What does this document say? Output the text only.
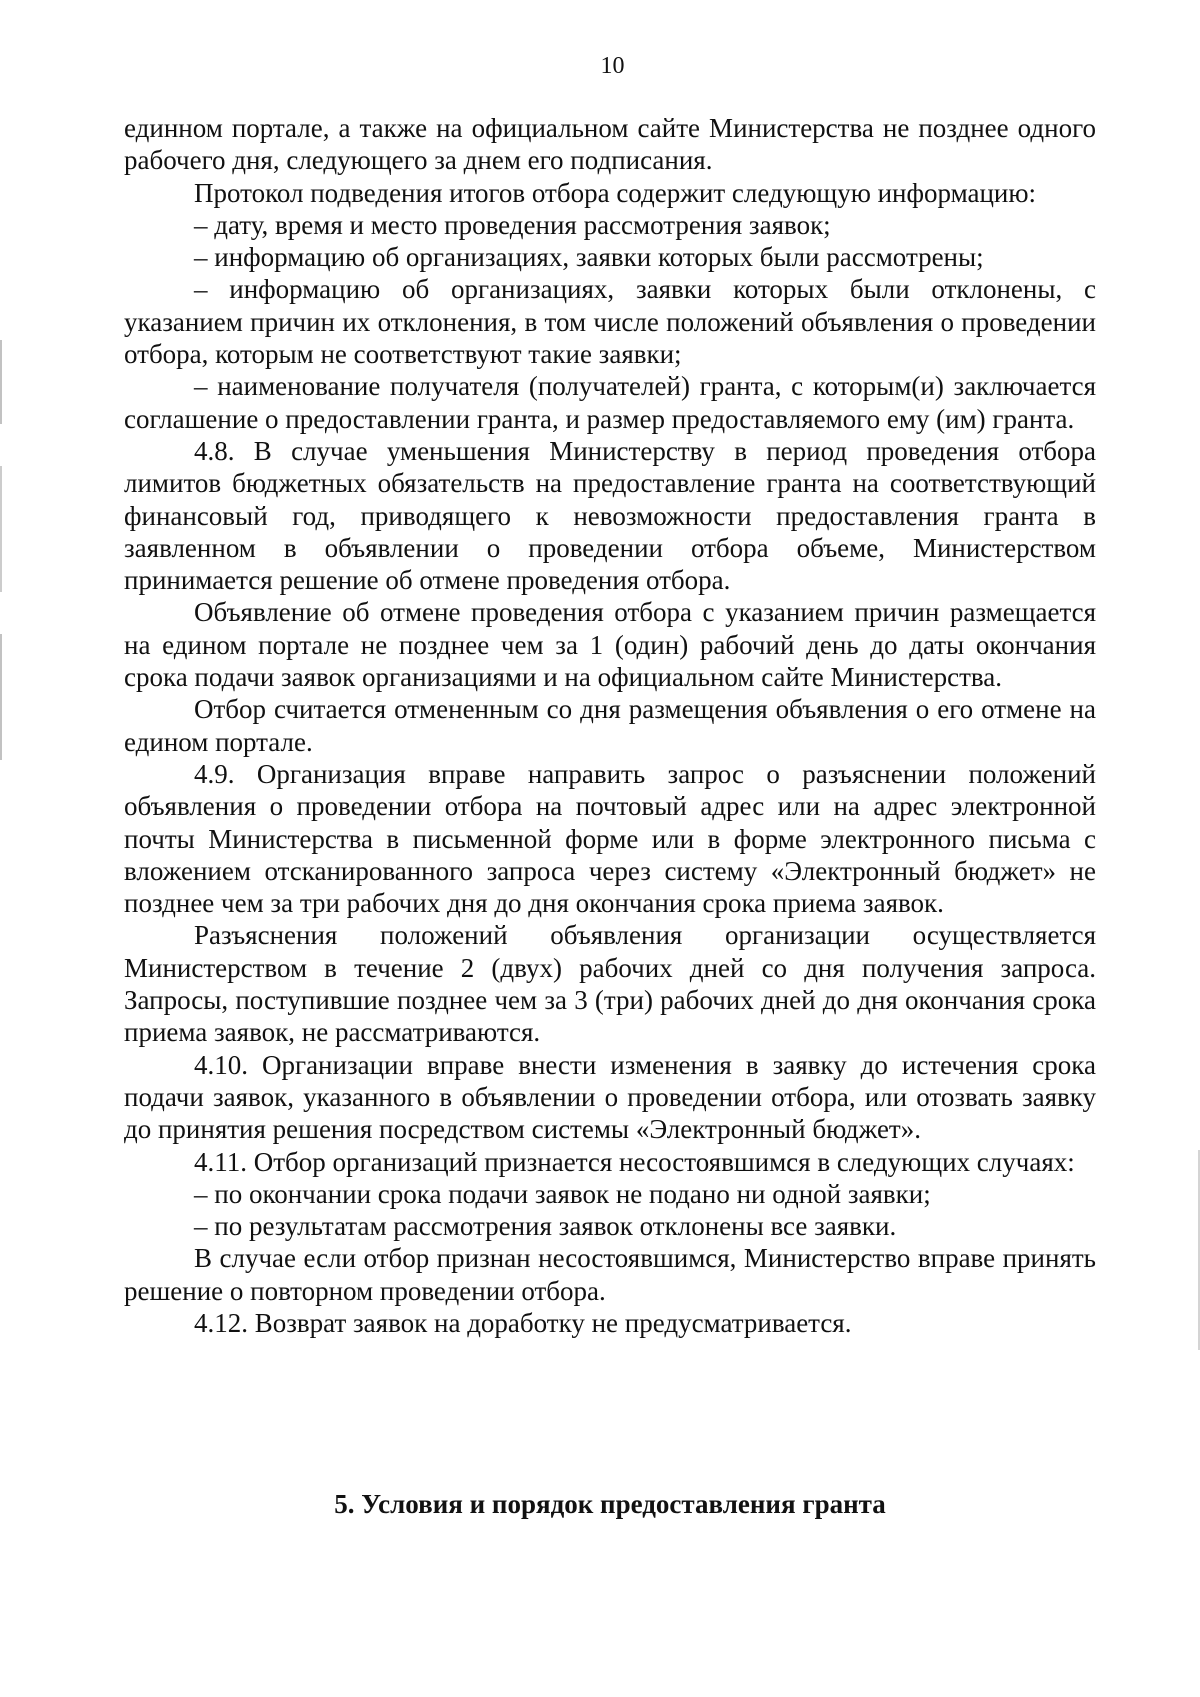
10

единном портале, а также на официальном сайте Министерства не позднее одного рабочего дня, следующего за днем его подписания.

Протокол подведения итогов отбора содержит следующую информацию:

– дату, время и место проведения рассмотрения заявок;

– информацию об организациях, заявки которых были рассмотрены;

– информацию об организациях, заявки которых были отклонены, с указанием причин их отклонения, в том числе положений объявления о проведении отбора, которым не соответствуют такие заявки;

– наименование получателя (получателей) гранта, с которым(и) заключается соглашение о предоставлении гранта, и размер предоставляемого ему (им) гранта.

4.8. В случае уменьшения Министерству в период проведения отбора лимитов бюджетных обязательств на предоставление гранта на соответствующий финансовый год, приводящего к невозможности предоставления гранта в заявленном в объявлении о проведении отбора объеме, Министерством принимается решение об отмене проведения отбора.

Объявление об отмене проведения отбора с указанием причин размещается на едином портале не позднее чем за 1 (один) рабочий день до даты окончания срока подачи заявок организациями и на официальном сайте Министерства.

Отбор считается отмененным со дня размещения объявления о его отмене на едином портале.

4.9. Организация вправе направить запрос о разъяснении положений объявления о проведении отбора на почтовый адрес или на адрес электронной почты Министерства в письменной форме или в форме электронного письма с вложением отсканированного запроса через систему «Электронный бюджет» не позднее чем за три рабочих дня до дня окончания срока приема заявок.

Разъяснения положений объявления организации осуществляется Министерством в течение 2 (двух) рабочих дней со дня получения запроса. Запросы, поступившие позднее чем за 3 (три) рабочих дней до дня окончания срока приема заявок, не рассматриваются.

4.10. Организации вправе внести изменения в заявку до истечения срока подачи заявок, указанного в объявлении о проведении отбора, или отозвать заявку до принятия решения посредством системы «Электронный бюджет».

4.11. Отбор организаций признается несостоявшимся в следующих случаях:

– по окончании срока подачи заявок не подано ни одной заявки;

– по результатам рассмотрения заявок отклонены все заявки.

В случае если отбор признан несостоявшимся, Министерство вправе принять решение о повторном проведении отбора.

4.12. Возврат заявок на доработку не предусматривается.

5. Условия и порядок предоставления гранта
